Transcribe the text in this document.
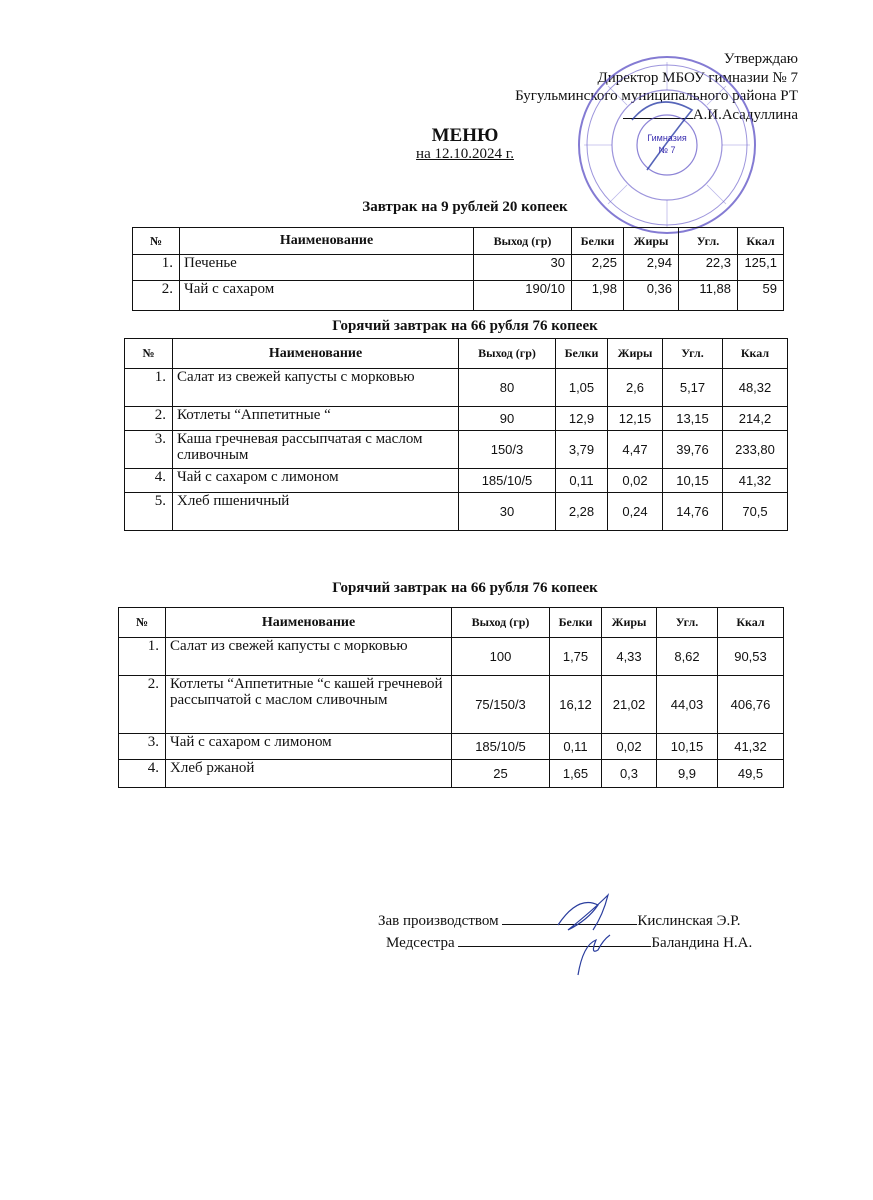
Утверждаю
Директор МБОУ гимназии № 7
Бугульминского муниципального района РТ
А.И.Асадуллина
Гимназия
№ 7
МЕНЮ
на 12.10.2024 г.
Завтрак на 9 рублей 20 копеек
№	Наименование	Выход (гр)	Белки	Жиры	Угл.	Ккал
1.	Печенье	30	2,25	2,94	22,3	125,1
2.	Чай с сахаром	190/10	1,98	0,36	11,88	59
Горячий завтрак на 66 рубля 76 копеек
№	Наименование	Выход (гр)	Белки	Жиры	Угл.	Ккал
1.	Салат из свежей капусты с морковью	80	1,05	2,6	5,17	48,32
2.	Котлеты “Аппетитные “	90	12,9	12,15	13,15	214,2
3.	Каша гречневая рассыпчатая с маслом сливочным	150/3	3,79	4,47	39,76	233,80
4.	Чай с сахаром с лимоном	185/10/5	0,11	0,02	10,15	41,32
5.	Хлеб пшеничный	30	2,28	0,24	14,76	70,5
Горячий завтрак на 66 рубля 76 копеек
№	Наименование	Выход (гр)	Белки	Жиры	Угл.	Ккал
1.	Салат из свежей капусты с морковью	100	1,75	4,33	8,62	90,53
2.	Котлеты “Аппетитные “с кашей гречневой рассыпчатой с маслом сливочным	75/150/3	16,12	21,02	44,03	406,76
3.	Чай с сахаром с лимоном	185/10/5	0,11	0,02	10,15	41,32
4.	Хлеб ржаной	25	1,65	0,3	9,9	49,5
Зав производством	Кислинская Э.Р.
Медсестра	Баландина Н.А.
